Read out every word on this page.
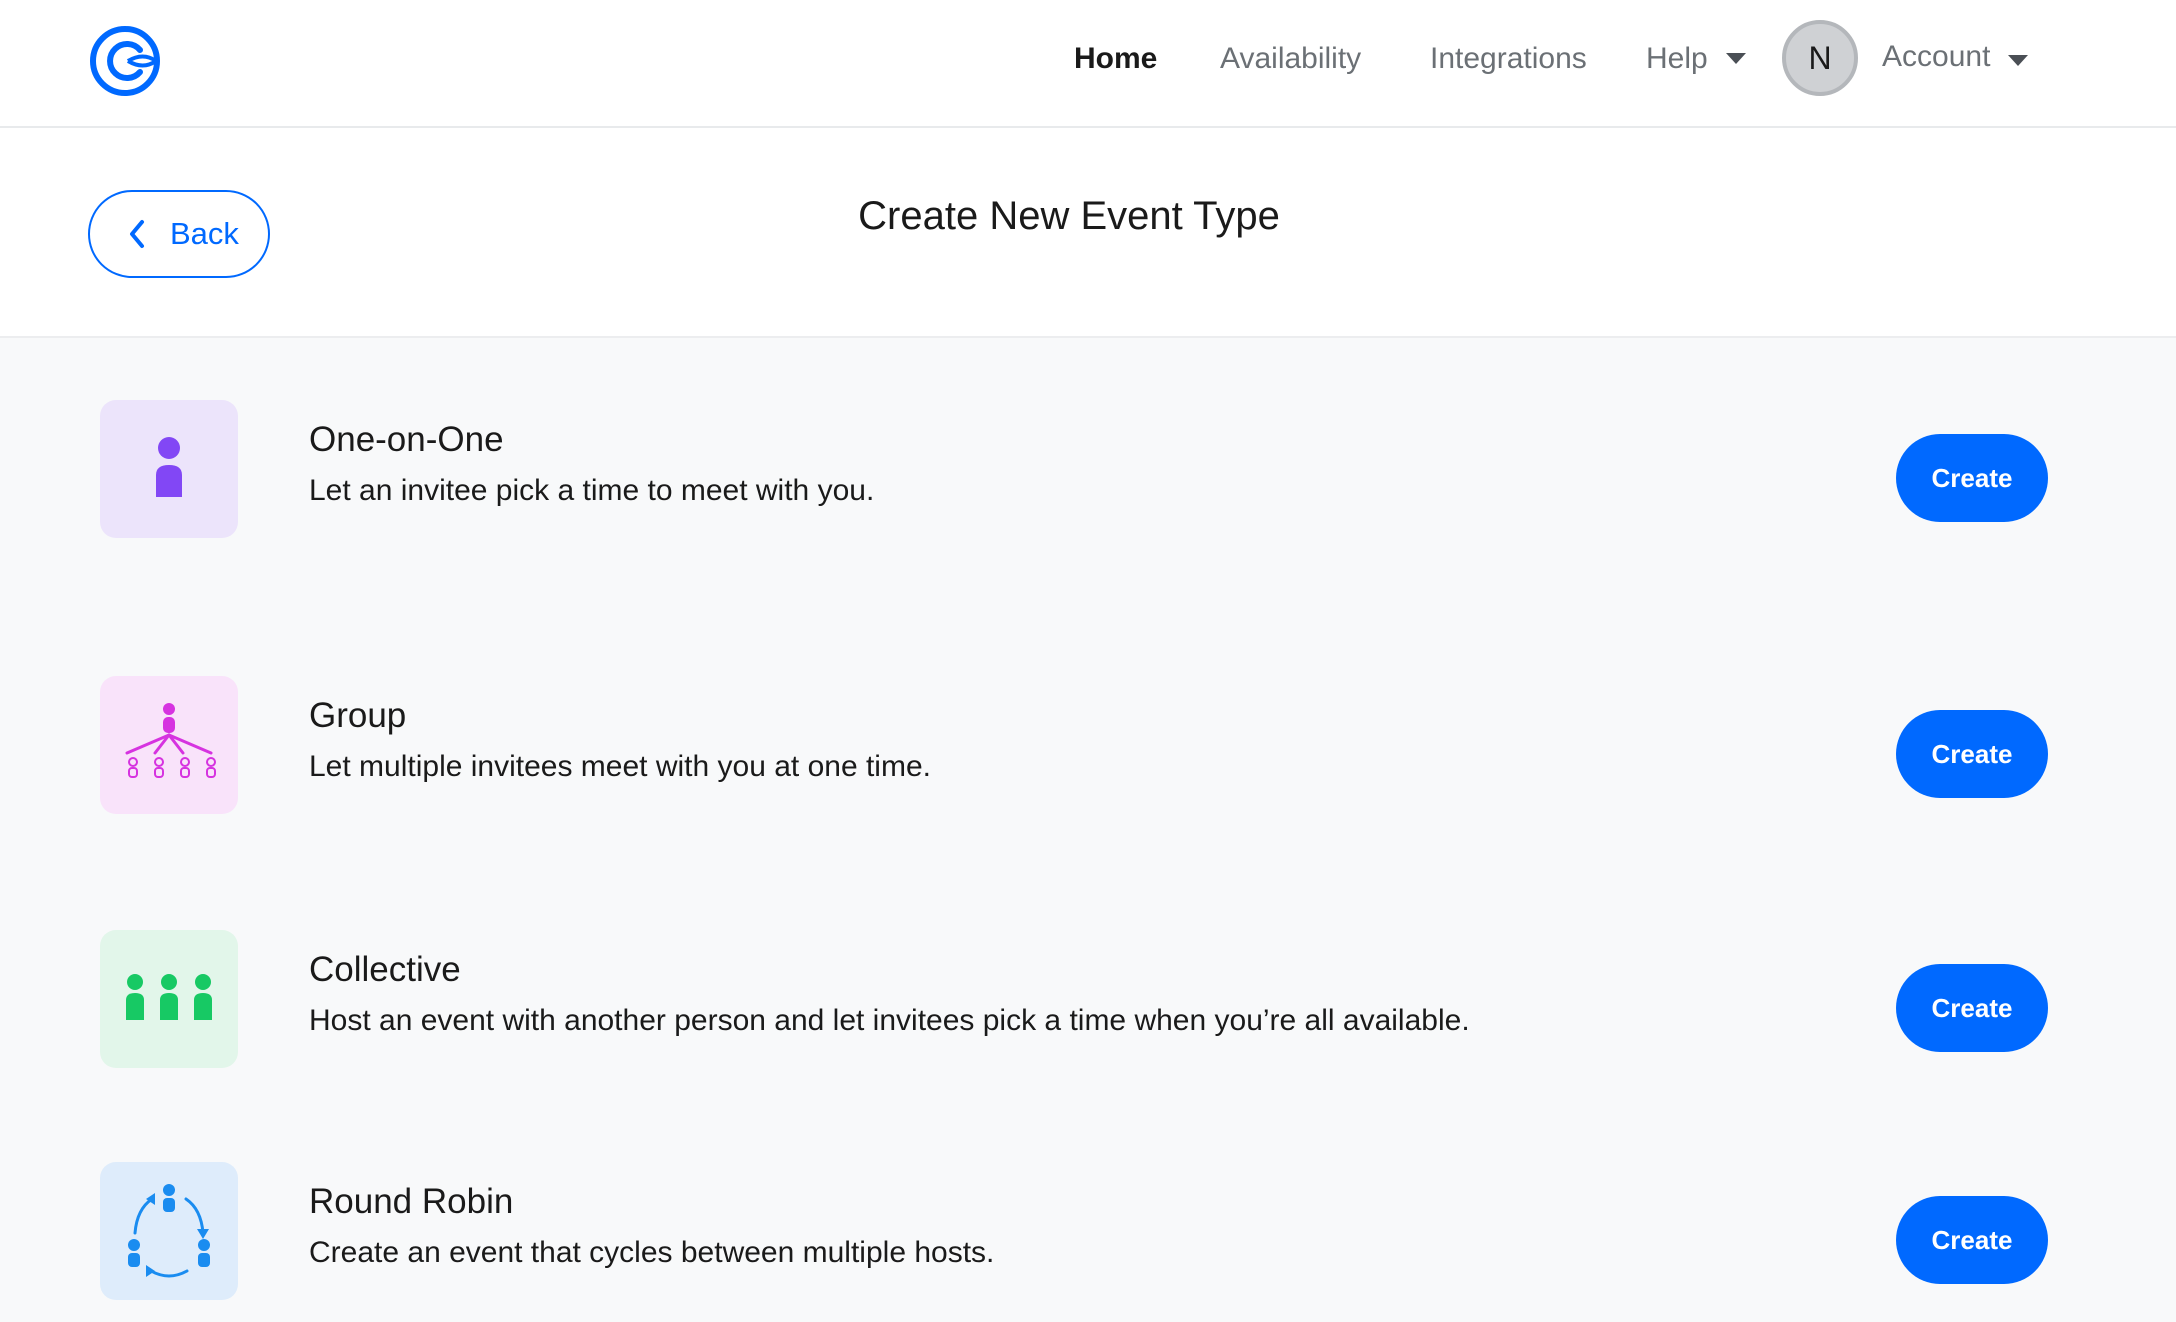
Home Availability Integrations Help	N	Account
Back	Create New Event Type
One-on-One
Let an invitee pick a time to meet with you.	Create
Group
Let multiple invitees meet with you at one time.	Create
Collective
Host an event with another person and let invitees pick a time when you’re all available.	Create
Round Robin
Create an event that cycles between multiple hosts.	Create
